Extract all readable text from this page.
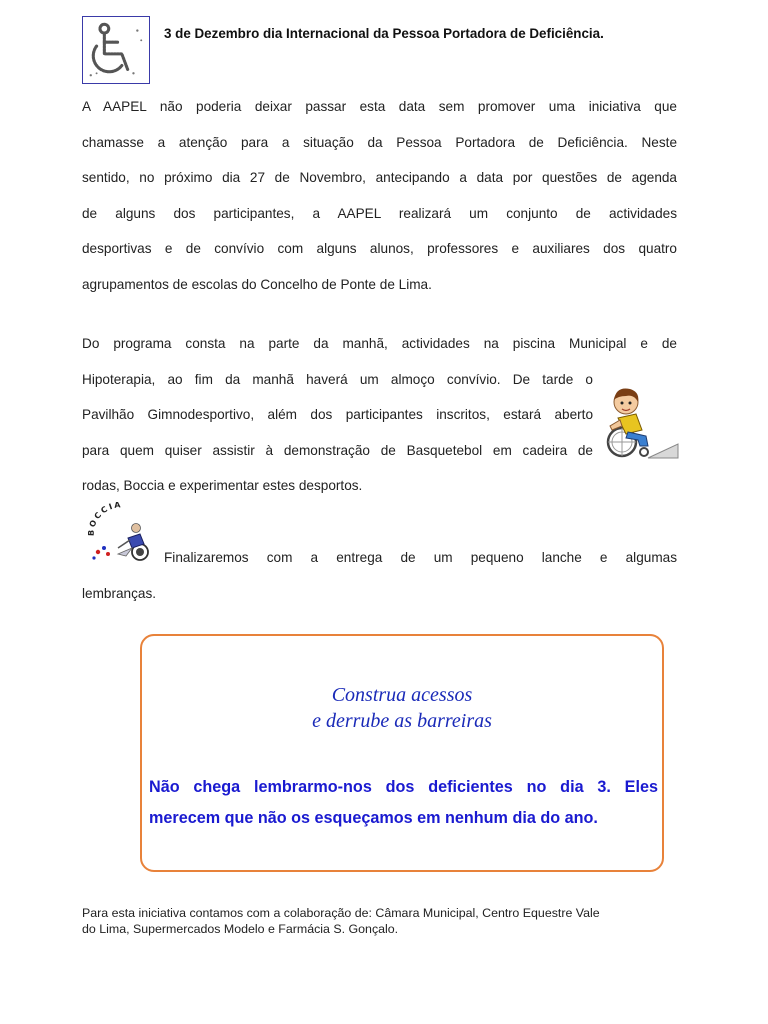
3 de Dezembro dia Internacional da Pessoa Portadora de Deficiência.
A AAPEL não poderia deixar passar esta data sem promover uma iniciativa que
chamasse a atenção para a situação da Pessoa Portadora de Deficiência. Neste
sentido, no próximo dia 27 de Novembro, antecipando a data por questões de agenda
de alguns dos participantes, a AAPEL realizará um conjunto de actividades
desportivas e de convívio com alguns alunos, professores e auxiliares dos quatro
agrupamentos de escolas do Concelho de Ponte de Lima.
Do programa consta na parte da manhã, actividades na piscina Municipal e de
Hipoterapia, ao fim da manhã haverá um almoço convívio. De tarde o
Pavilhão Gimnodesportivo, além dos participantes inscritos, estará aberto
para quem quiser assistir à demonstração de Basquetebol em cadeira de
rodas, Boccia e experimentar estes desportos.
OCCIA
Finalizaremos com a entrega de um pequeno lanche e algumas
lembranças.
Construa acessos
e derrube as barreiras
Não chega lembrarmo-nos dos deficientes no dia 3. Eles
merecem que não os esqueçamos em nenhum dia do ano.
Para esta iniciativa contamos com a colaboração de: Câmara Municipal, Centro Equestre Vale
do Lima, Supermercados Modelo e Farmácia S. Gonçalo.
